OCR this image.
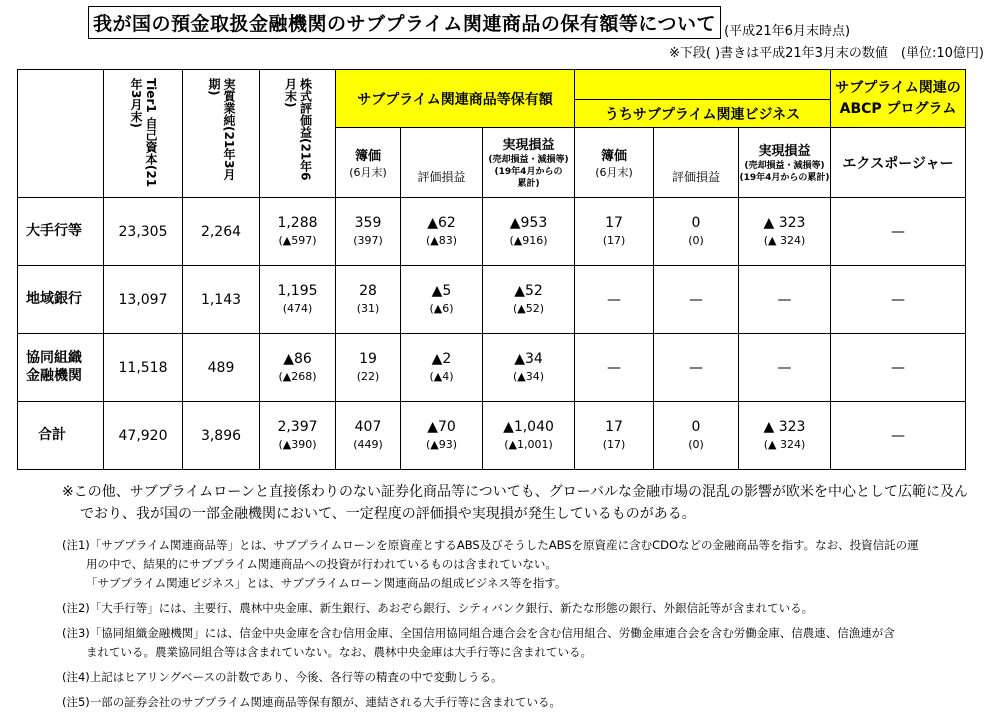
我が国の預金取扱金融機関のサブプライム関連商品の保有額等について (平成21年6月末時点)
※下段( )書きは平成21年3月末の数値　(単位:10億円)

	Tier1 自己資本(21年3月末)	実質業純(21年3月期)	株式評価益(21年6月末)	サブプライム関連商品等保有額						サブプライム関連の
ABCP プログラム

							うちサブプライム関連ビジネス			

				簿価
(6月末)	評価損益	実現損益
(売却損益・減損等)
(19年4月からの
累計)	簿価
(6月末)	評価損益	実現損益
(売却損益・減損等)
(19年4月からの累計)	エクスポージャー
大手行等	23,305	2,264	1,288
(▲597)	359
(397)	▲62
(▲83)	▲953
(▲916)	17
(17)	0
(0)	▲ 323
(▲ 324)	—
地域銀行	13,097	1,143	1,195
(474)	28
(31)	▲5
(▲6)	▲52
(▲52)	—	—	—	—

協同組織
金融機関	11,518	489	▲86
(▲268)	19
(22)	▲2
(▲4)	▲34
(▲34)	—	—	—	—
合計	47,920	3,896	2,397
(▲390)	407
(449)	▲70
(▲93)	▲1,040
(▲1,001)	17
(17)	0
(0)	▲ 323
(▲ 324)	—
※この他、サブプライムローンと直接係わりのない証券化商品等についても、グローバルな金融市場の混乱の影響が欧米を中心として広範に及ん
でおり、我が国の一部金融機関において、一定程度の評価損や実現損が発生しているものがある。
(注1)「サブプライム関連商品等」とは、サブプライムローンを原資産とするABS及びそうしたABSを原資産に含むCDOなどの金融商品等を指す。なお、投資信託の運
用の中で、結果的にサブプライム関連商品への投資が行われているものは含まれていない。
「サブプライム関連ビジネス」とは、サブプライムローン関連商品の組成ビジネス等を指す。
(注2)「大手行等」には、主要行、農林中央金庫、新生銀行、あおぞら銀行、シティバンク銀行、新たな形態の銀行、外銀信託等が含まれている。
(注3)「協同組織金融機関」には、信金中央金庫を含む信用金庫、全国信用協同組合連合会を含む信用組合、労働金庫連合会を含む労働金庫、信農連、信漁連が含
まれている。農業協同組合等は含まれていない。なお、農林中央金庫は大手行等に含まれている。
(注4)上記はヒアリングベースの計数であり、今後、各行等の精査の中で変動しうる。
(注5)一部の証券会社のサブプライム関連商品等保有額が、連結される大手行等に含まれている。
